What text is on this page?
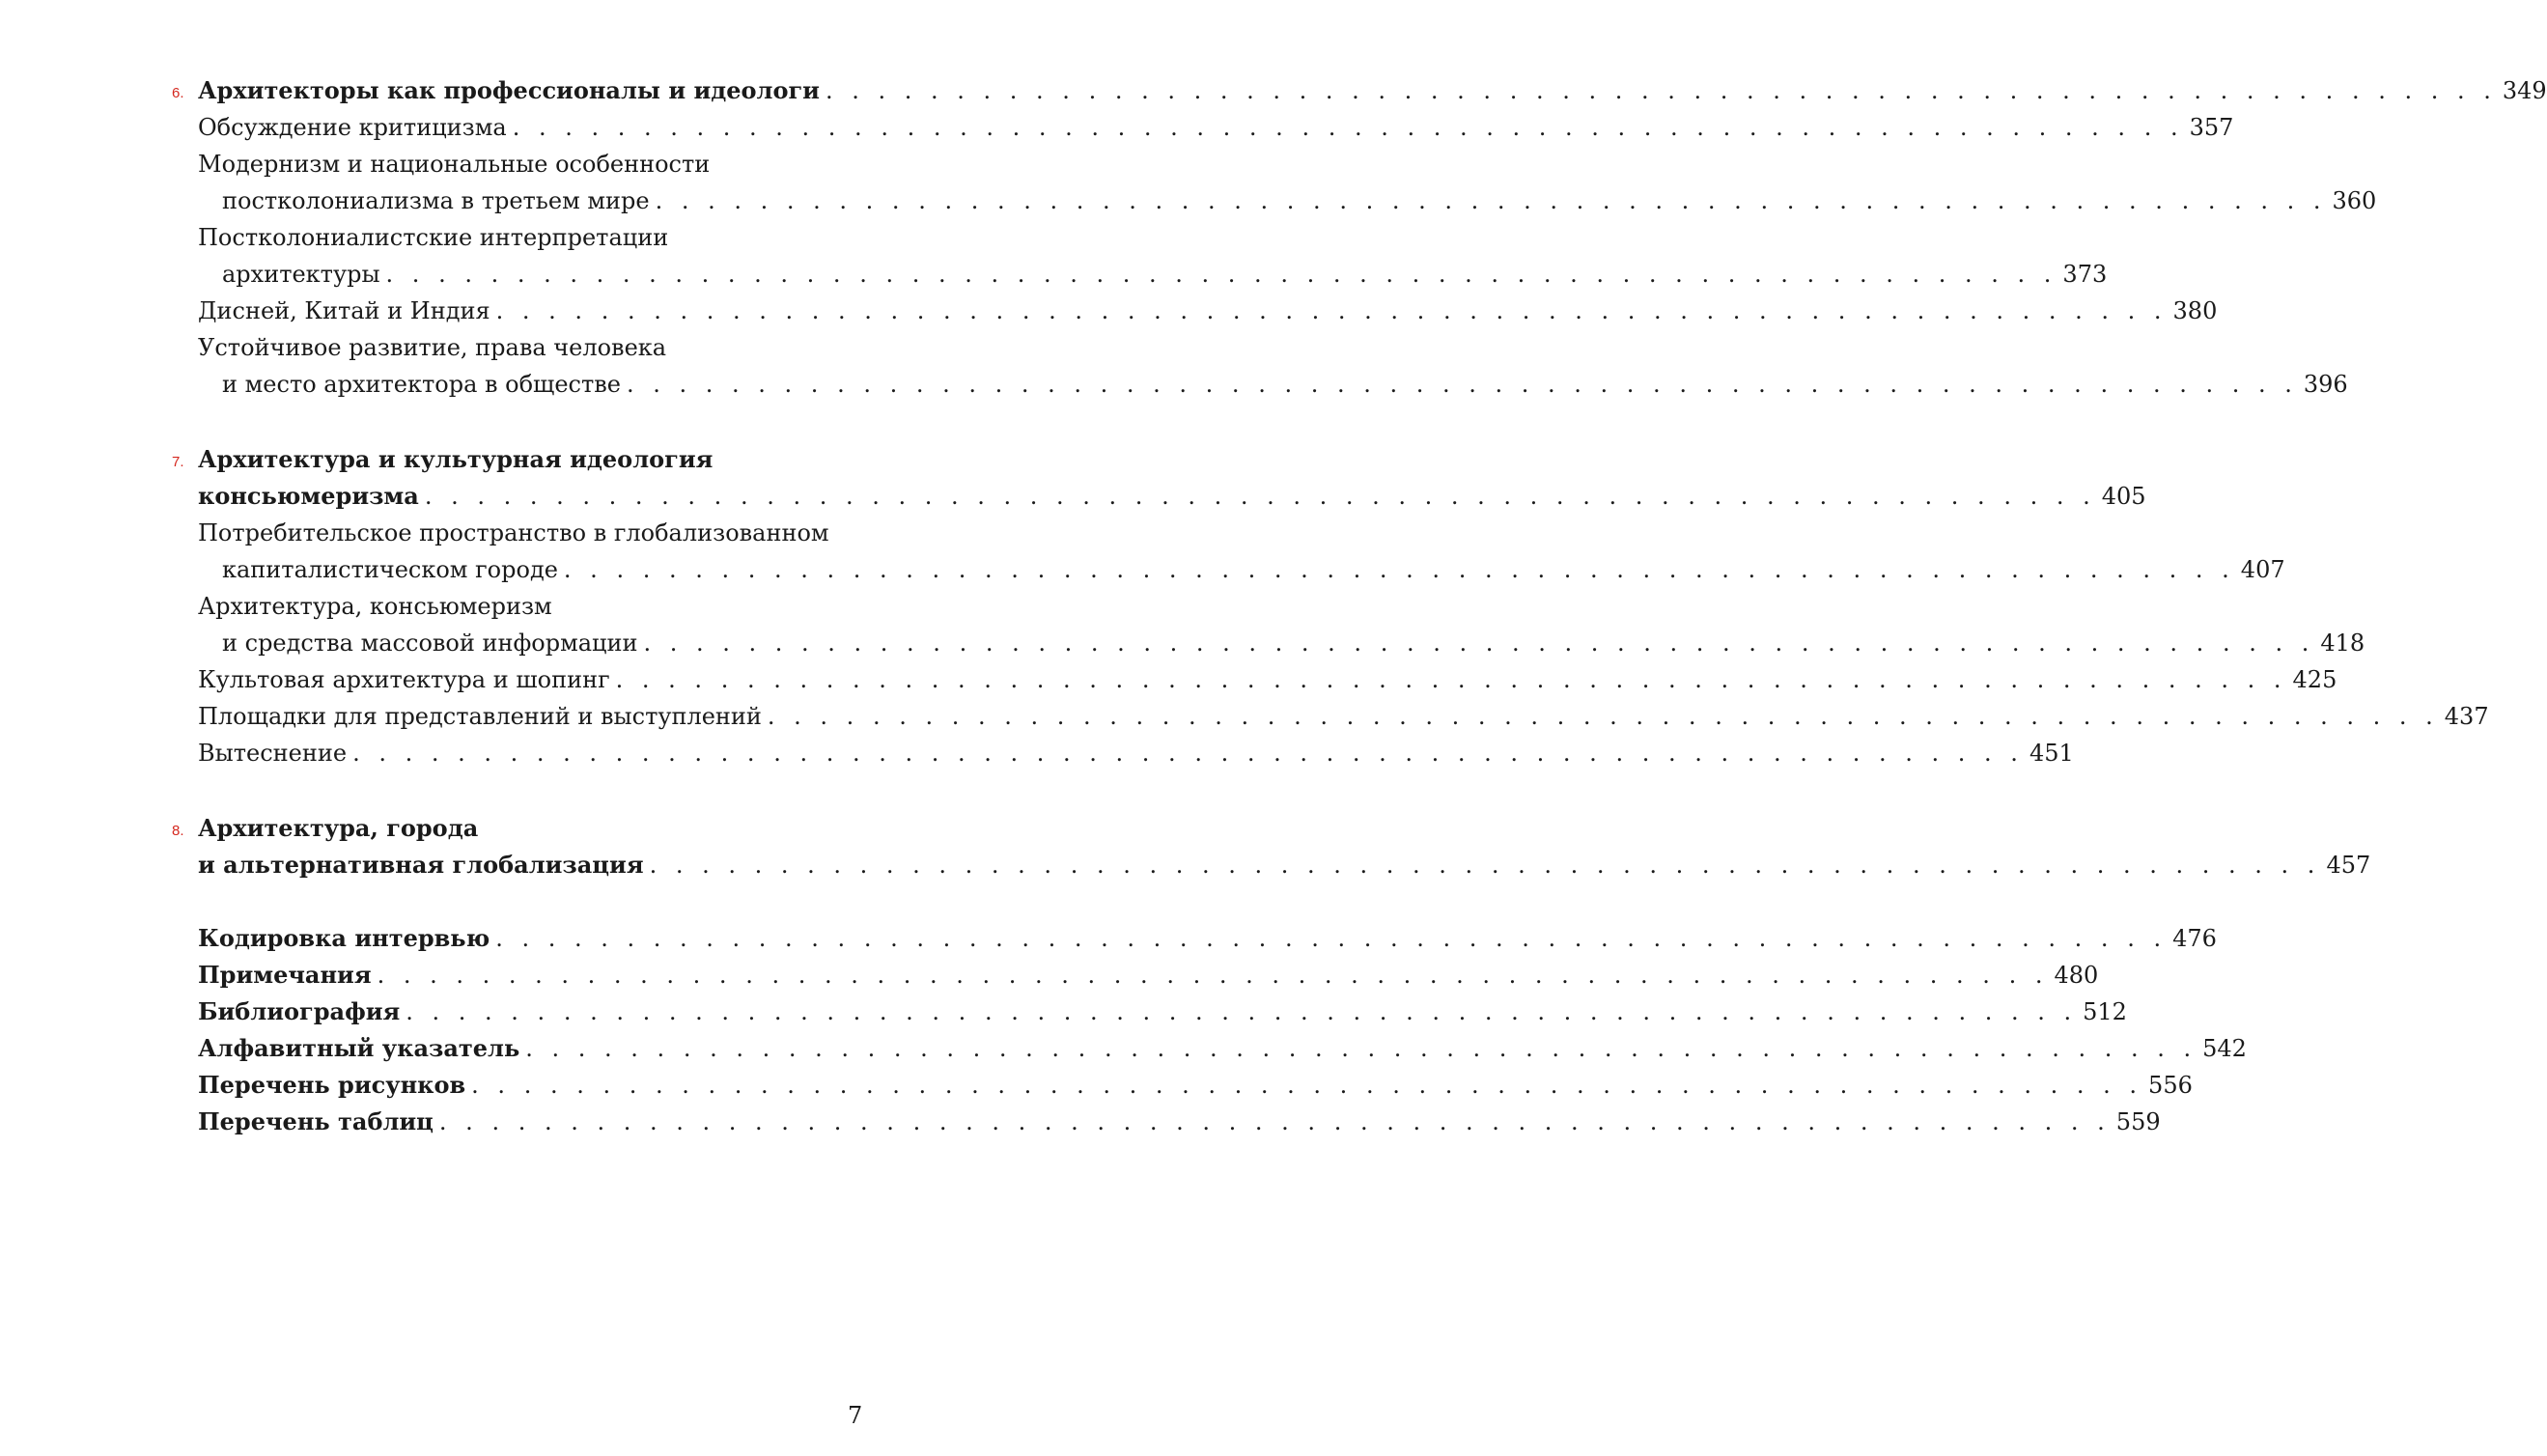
6. Архитекторы как профессионалы и идеологи . . . . . . . . . . . . . . . . . . . . . . . . . . . . . . . . . . . . . . . . . . . . . . . . . . . . . . . . . . . . . . . . 349
Обсуждение критицизма . . . . . . . . . . . . . . . . . . . . . . . . . . . . . . . . . . . . . . . . . . . . . . . . . . . . . . . . . . . . . . . . 357
Модернизм и национальные особенности
постколониализма в третьем мире . . . . . . . . . . . . . . . . . . . . . . . . . . . . . . . . . . . . . . . . . . . . . . . . . . . . . . . . . . . . . . . . 360
Постколониалистские интерпретации
архитектуры . . . . . . . . . . . . . . . . . . . . . . . . . . . . . . . . . . . . . . . . . . . . . . . . . . . . . . . . . . . . . . . . 373
Дисней, Китай и Индия . . . . . . . . . . . . . . . . . . . . . . . . . . . . . . . . . . . . . . . . . . . . . . . . . . . . . . . . . . . . . . . . 380
Устойчивое развитие, права человека
и место архитектора в обществе . . . . . . . . . . . . . . . . . . . . . . . . . . . . . . . . . . . . . . . . . . . . . . . . . . . . . . . . . . . . . . . . 396
7. Архитектура и культурная идеология
консьюмеризма . . . . . . . . . . . . . . . . . . . . . . . . . . . . . . . . . . . . . . . . . . . . . . . . . . . . . . . . . . . . . . . . 405
Потребительское пространство в глобализованном
капиталистическом городе . . . . . . . . . . . . . . . . . . . . . . . . . . . . . . . . . . . . . . . . . . . . . . . . . . . . . . . . . . . . . . . . 407
Архитектура, консьюмеризм
и средства массовой информации . . . . . . . . . . . . . . . . . . . . . . . . . . . . . . . . . . . . . . . . . . . . . . . . . . . . . . . . . . . . . . . . 418
Культовая архитектура и шопинг . . . . . . . . . . . . . . . . . . . . . . . . . . . . . . . . . . . . . . . . . . . . . . . . . . . . . . . . . . . . . . . . 425
Площадки для представлений и выступлений . . . . . . . . . . . . . . . . . . . . . . . . . . . . . . . . . . . . . . . . . . . . . . . . . . . . . . . . . . . . . . . . 437
Вытеснение . . . . . . . . . . . . . . . . . . . . . . . . . . . . . . . . . . . . . . . . . . . . . . . . . . . . . . . . . . . . . . . . 451
8. Архитектура, города
и альтернативная глобализация . . . . . . . . . . . . . . . . . . . . . . . . . . . . . . . . . . . . . . . . . . . . . . . . . . . . . . . . . . . . . . . . 457
Кодировка интервью . . . . . . . . . . . . . . . . . . . . . . . . . . . . . . . . . . . . . . . . . . . . . . . . . . . . . . . . . . . . . . . . 476
Примечания . . . . . . . . . . . . . . . . . . . . . . . . . . . . . . . . . . . . . . . . . . . . . . . . . . . . . . . . . . . . . . . . 480
Библиография . . . . . . . . . . . . . . . . . . . . . . . . . . . . . . . . . . . . . . . . . . . . . . . . . . . . . . . . . . . . . . . . 512
Алфавитный указатель . . . . . . . . . . . . . . . . . . . . . . . . . . . . . . . . . . . . . . . . . . . . . . . . . . . . . . . . . . . . . . . . 542
Перечень рисунков . . . . . . . . . . . . . . . . . . . . . . . . . . . . . . . . . . . . . . . . . . . . . . . . . . . . . . . . . . . . . . . . 556
Перечень таблиц . . . . . . . . . . . . . . . . . . . . . . . . . . . . . . . . . . . . . . . . . . . . . . . . . . . . . . . . . . . . . . . . 559
7
